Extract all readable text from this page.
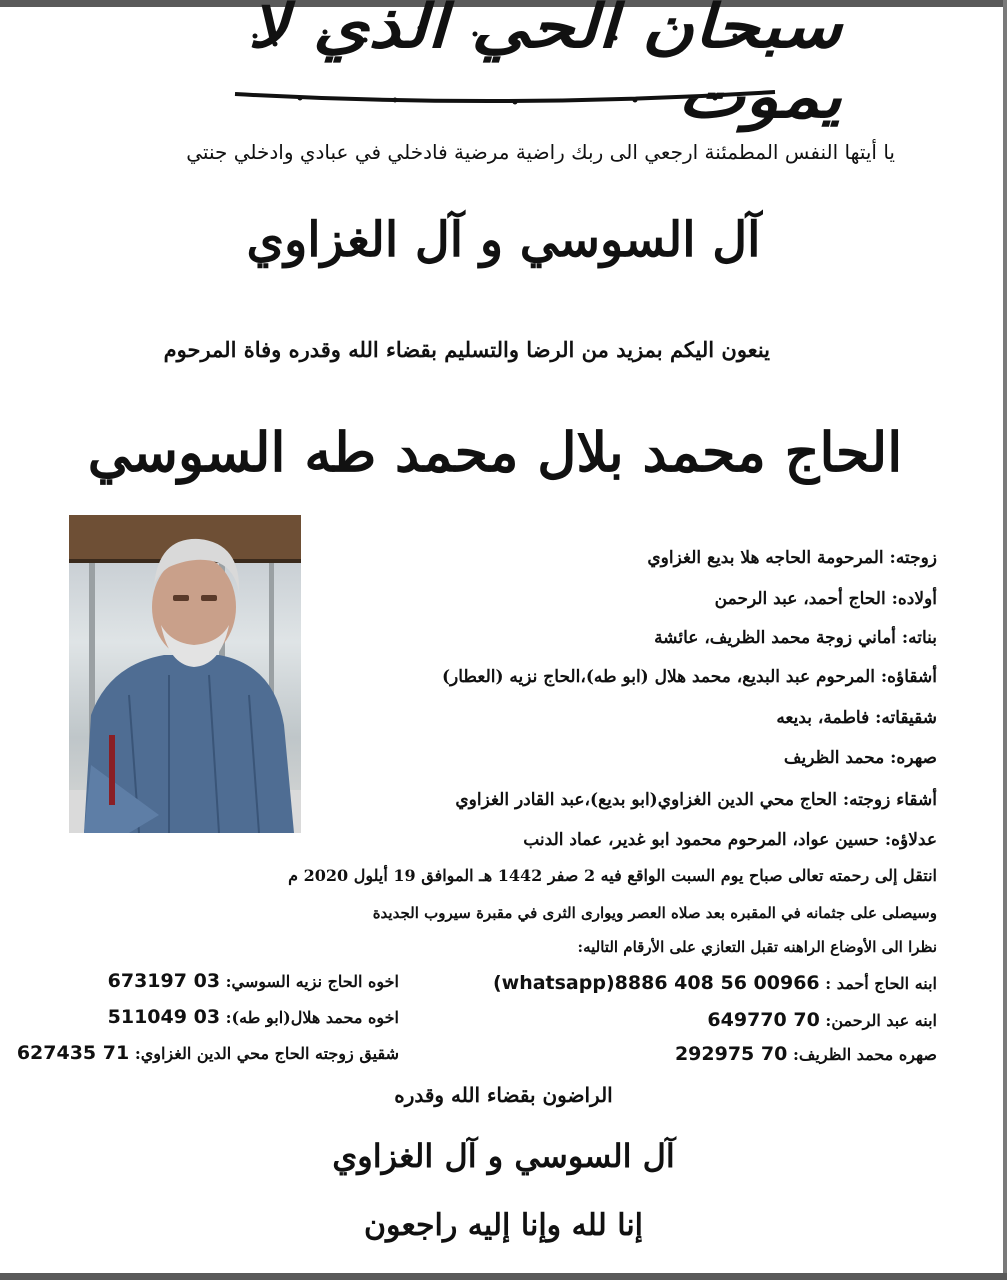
سبحان الحي الذي لا يموت
يا أيتها النفس المطمئنة ارجعي الى ربك راضية مرضية فادخلي في عبادي وادخلي جنتي
آل السوسي و آل الغزاوي
ينعون اليكم بمزيد من الرضا والتسليم بقضاء الله وقدره وفاة المرحوم
الحاج محمد بلال محمد طه السوسي
زوجته: المرحومة الحاجه هلا بديع الغزاوي
أولاده: الحاج أحمد، عبد الرحمن
بناته: أماني زوجة محمد الظريف، عائشة
أشقاؤه: المرحوم عبد البديع، محمد هلال (ابو طه)،الحاج نزيه (العطار)
شقيقاته: فاطمة، بديعه
صهره: محمد الظريف
أشقاء زوجته: الحاج محي الدين الغزاوي(ابو بديع)،عبد القادر الغزاوي
عدلاؤه: حسين عواد، المرحوم محمود ابو غدير، عماد الدنب
انتقل إلى رحمته تعالى صباح يوم السبت الواقع فيه 2 صفر 1442 هـ الموافق 19 أيلول 2020 م
وسيصلى على جثمانه في المقبره بعد صلاه العصر ويوارى الثرى في مقبرة سيروب الجديدة
نظرا الى الأوضاع الراهنه تقبل التعازي على الأرقام التاليه:
ابنه الحاج أحمد : 00966 56 408 8886(whatsapp)
ابنه عبد الرحمن: 70 649770
صهره محمد الظريف: 70 292975
اخوه الحاج نزيه السوسي: 03 673197
اخوه محمد هلال(ابو طه): 03 511049
شقيق زوجته الحاج محي الدين الغزاوي: 71 627435
الراضون بقضاء الله وقدره
آل السوسي و آل الغزاوي
إنا لله وإنا إليه راجعون
